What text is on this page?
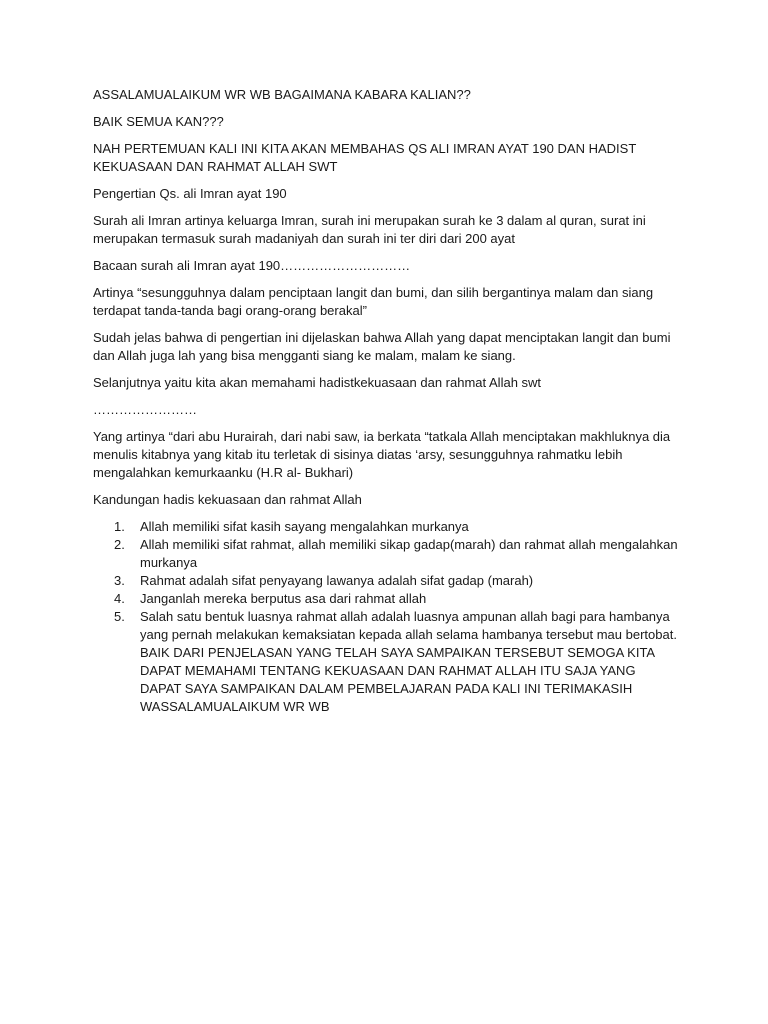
ASSALAMUALAIKUM WR WB BAGAIMANA KABARA KALIAN??

BAIK SEMUA KAN???

NAH PERTEMUAN KALI INI KITA AKAN MEMBAHAS QS ALI IMRAN AYAT 190 DAN HADIST KEKUASAAN DAN RAHMAT ALLAH SWT

Pengertian Qs. ali Imran ayat 190

Surah ali Imran artinya keluarga Imran, surah ini merupakan surah ke 3 dalam al quran, surat ini merupakan termasuk surah madaniyah dan surah ini ter diri dari 200 ayat

Bacaan surah ali Imran ayat 190…………………………

Artinya “sesungguhnya dalam penciptaan langit dan bumi, dan silih bergantinya malam dan siang terdapat tanda-tanda bagi orang-orang berakal”

Sudah jelas bahwa di pengertian ini dijelaskan bahwa Allah yang dapat menciptakan langit dan bumi dan Allah juga lah yang bisa mengganti siang ke malam, malam ke siang.

Selanjutnya yaitu kita akan memahami hadistkekuasaan dan rahmat Allah swt

……………………

Yang artinya “dari abu Hurairah, dari nabi saw, ia berkata “tatkala Allah menciptakan makhluknya dia menulis kitabnya yang kitab itu terletak di sisinya diatas ‘arsy, sesungguhnya rahmatku lebih mengalahkan kemurkaanku (H.R al- Bukhari)

Kandungan hadis kekuasaan dan rahmat Allah

1. Allah memiliki sifat kasih sayang mengalahkan murkanya
2. Allah memiliki sifat rahmat, allah memiliki sikap gadap(marah) dan rahmat allah mengalahkan murkanya
3. Rahmat adalah sifat penyayang lawanya adalah sifat gadap (marah)
4. Janganlah mereka berputus asa dari rahmat allah
5. Salah satu bentuk luasnya rahmat allah adalah luasnya ampunan allah bagi para hambanya yang pernah melakukan kemaksiatan kepada allah selama hambanya tersebut mau bertobat.

BAIK DARI PENJELASAN YANG TELAH SAYA SAMPAIKAN TERSEBUT SEMOGA KITA DAPAT MEMAHAMI TENTANG KEKUASAAN DAN RAHMAT ALLAH ITU SAJA YANG DAPAT SAYA SAMPAIKAN DALAM PEMBELAJARAN PADA KALI INI TERIMAKASIH WASSALAMUALAIKUM WR WB
